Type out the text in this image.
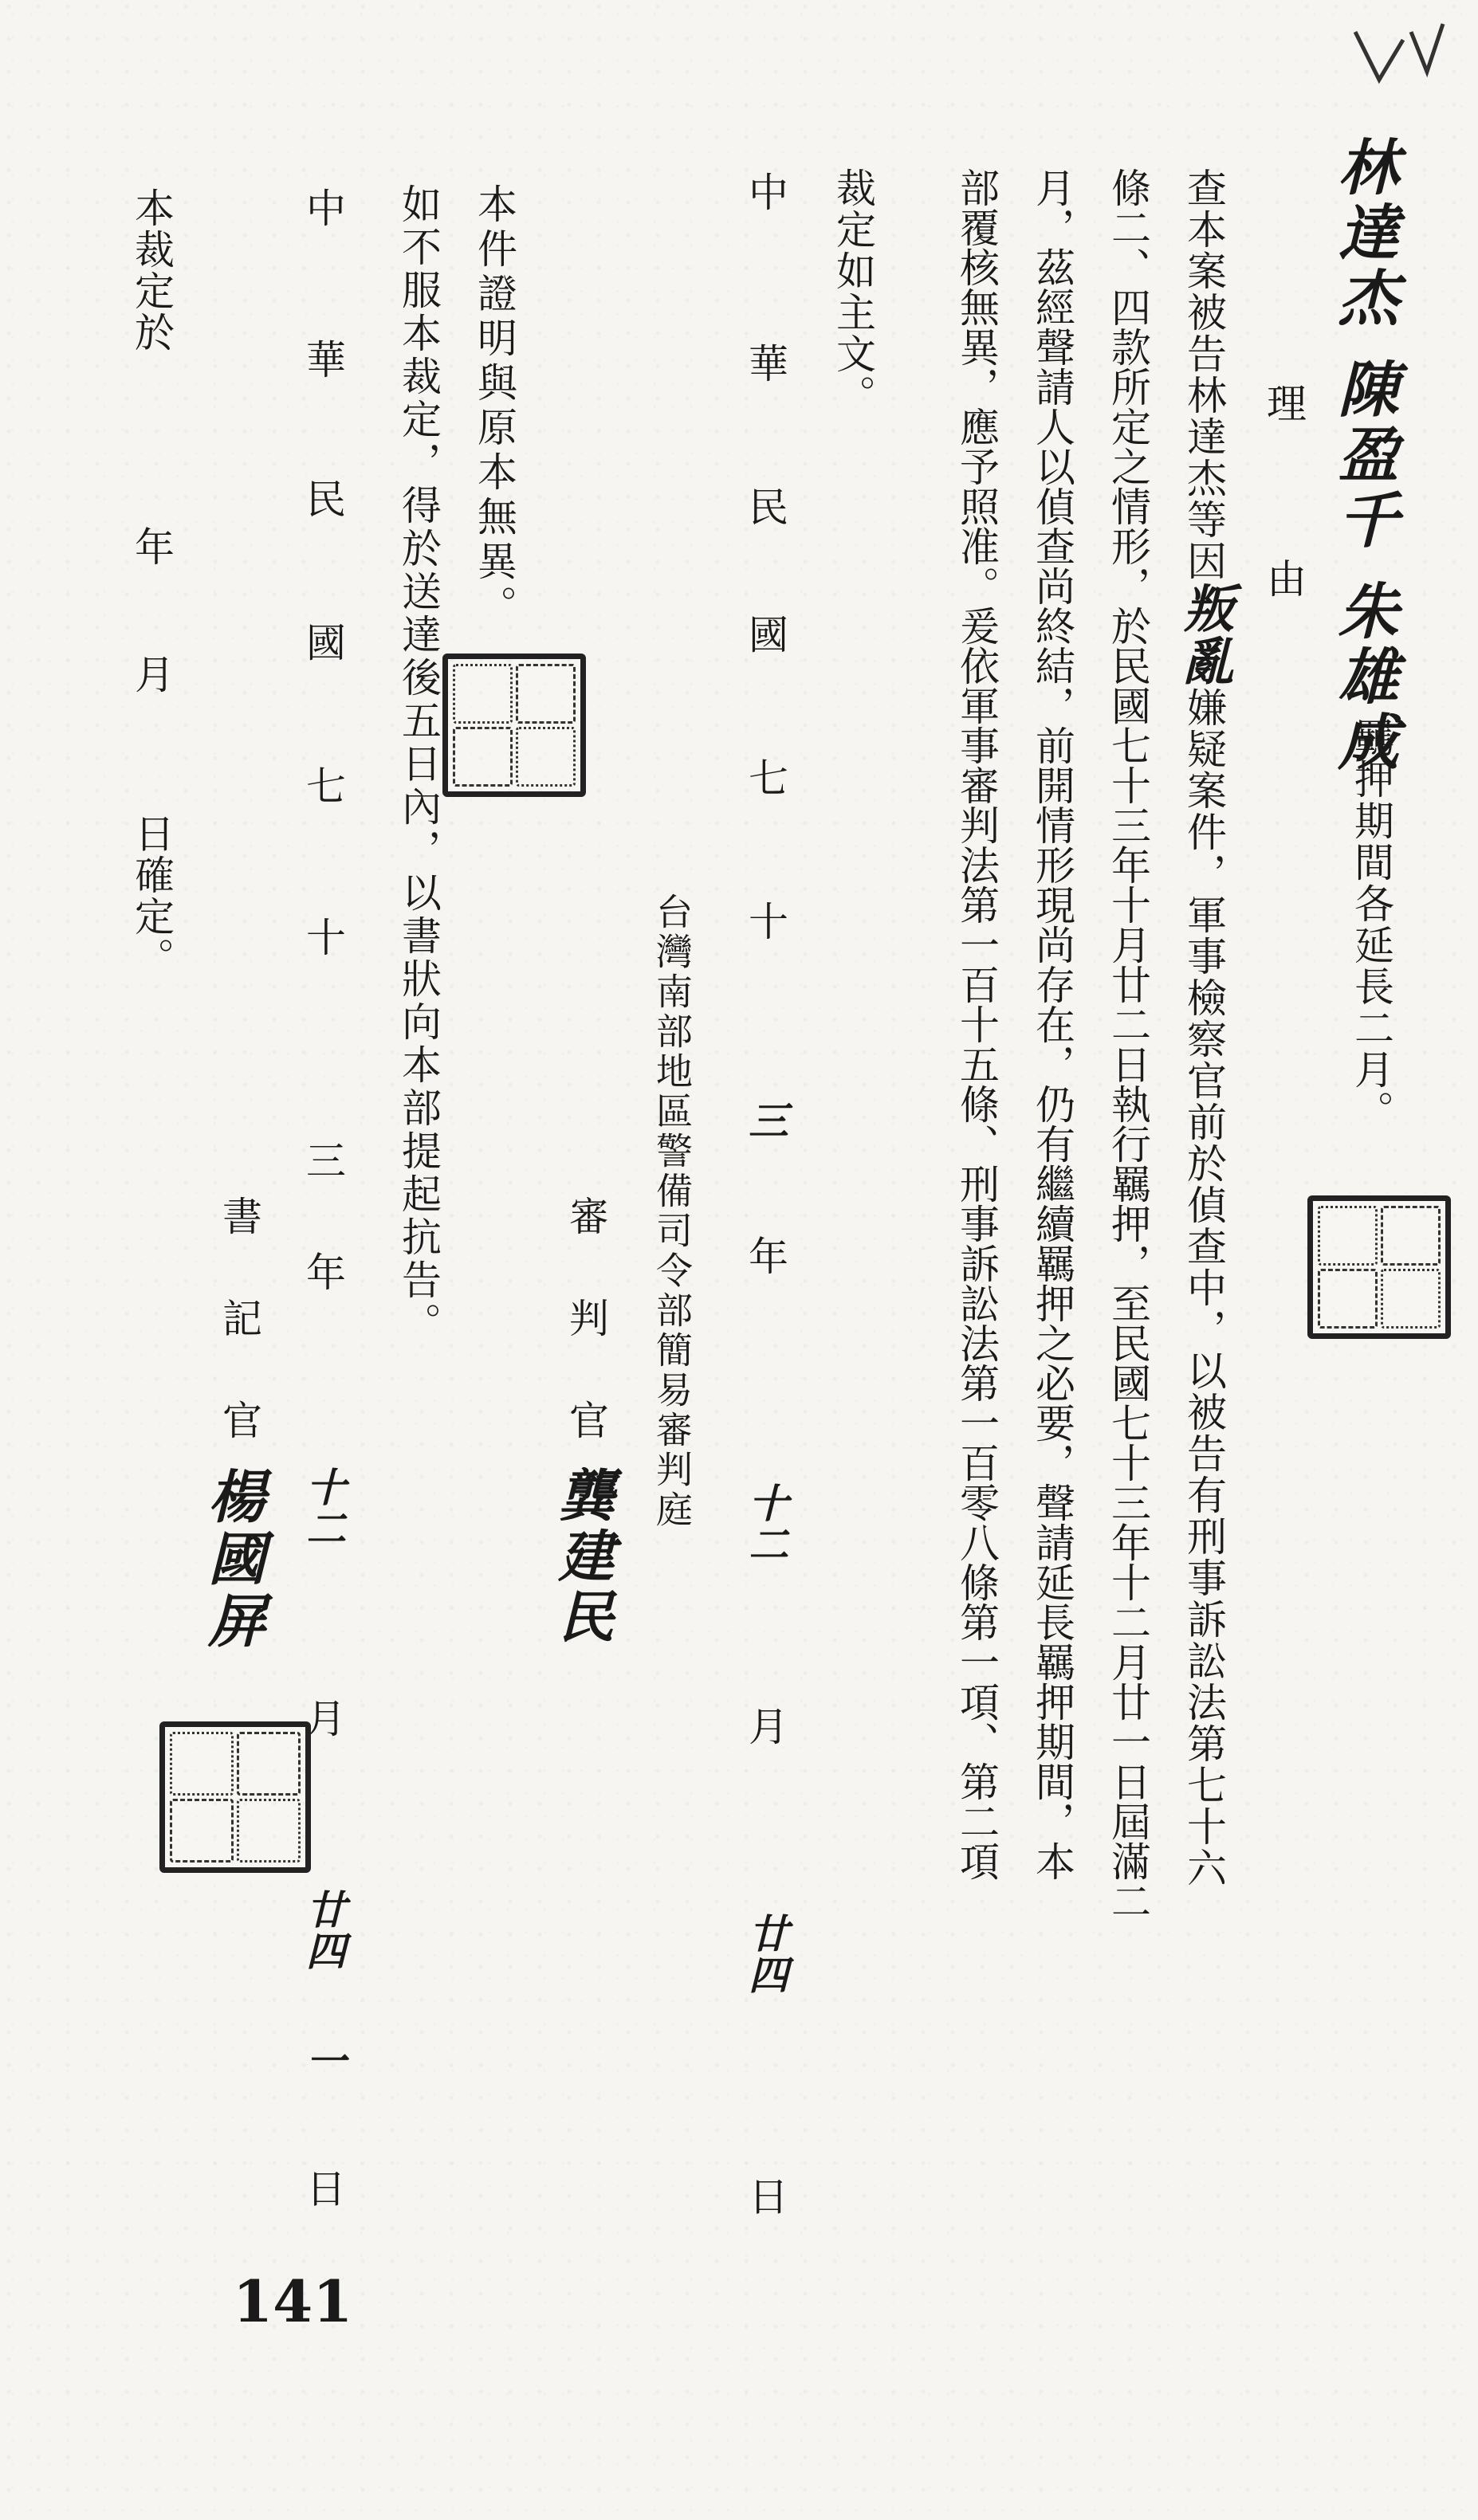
林達杰 陳盈千 朱雄成
羈押期間各延長二月。
理
由
查本案被告林達杰等因叛亂嫌疑案件，軍事檢察官前於偵查中，以被告有刑事訴訟法第七十六
條二、四款所定之情形，於民國七十三年十月廿二日執行羈押，至民國七十三年十二月廿一日屆滿二
月，茲經聲請人以偵查尚終結，前開情形現尚存在，仍有繼續羈押之必要，聲請延長羈押期間，本
部覆核無異，應予照准。爰依軍事審判法第一百十五條、刑事訴訟法第一百零八條第一項、第二項
裁定如主文。
中
華
民
國
七
十
三
年
十二
月
廿四
日
台灣南部地區警備司令部簡易審判庭
審　判　官
龔建民
本件證明與原本無異。
如不服本裁定，得於送達後五日內，以書狀向本部提起抗告。
中
華
民
國
七
十
三
年
十二
月
廿四
一
日
書　記　官
楊國屏
本裁定於
年
月
日確定。
141
